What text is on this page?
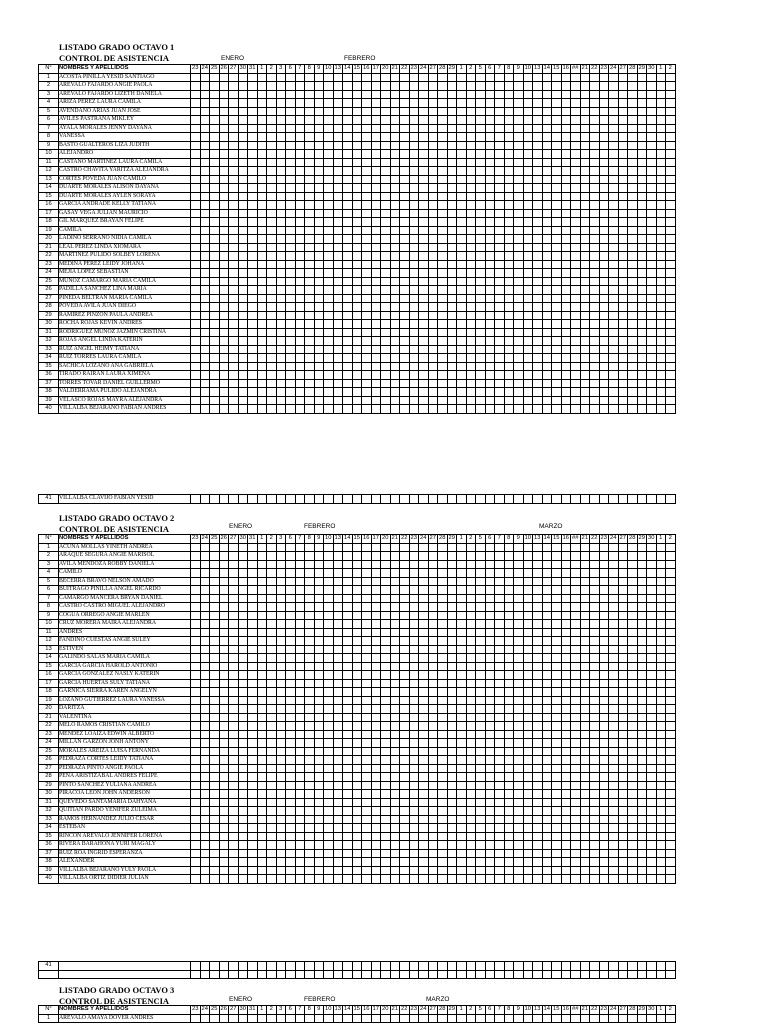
LISTADO GRADO OCTAVO 1
CONTROL DE ASISTENCIA	ENERO	FEBRERO
N°	NOMBRES Y APELLIDOS	23	24	25	26	27	30	31	1	2	3	6	7	8	9	10	13	14	15	16	17	20	21	22	23	24	27	28	29	1	2	5	6	7	8	9	10	13	14	15	16	##	21	22	23	24	27	28	29	30	1	2
1	ACOSTA PINILLA YESID SANTIAGO																																																			
2	AREVALO FAJARDO ANGIE PAOLA																																																			
3	AREVALO FAJARDO LIZETH DANIELA																																																			
4	ARIZA PEREZ LAURA CAMILA																																																			
5	AVENDANO ARIAS JUAN JOSE																																																			
6	AVILES PASTRANA MIKLEY																																																			
7	AYALA MORALES JENNY DAYANA																																																			
8	VANESSA																																																			
9	BASTO GUALTEROS LIZA JUDITH																																																			
10	ALEJANDRO																																																			
11	CASTAÑO MARTINEZ LAURA CAMILA																																																			
12	CASTRO CHAVITA YARITZA ALEJANDRA																																																			
13	CORTES POVEDA JUAN CAMILO																																																			
14	DUARTE MORALES ALISON DAYANA																																																			
15	DUARTE MORALES AYLEN SORAYA																																																			
16	GARCIA ANDRADE KELLY TATIANA																																																			
17	GASAY VEGA JULIAN MAURICIO																																																			
18	GIL MARQUEZ BRAYAN FELIPE																																																			
19	CAMILA																																																			
20	LADINO SERRANO NIDIA CAMILA																																																			
21	LEAL PEREZ LINDA XIOMARA																																																			
22	MARTINEZ PULIDO SOLBEY LORENA																																																			
23	MEDINA PEREZ LEIDY JOHANA																																																			
24	MEJIA LOPEZ SEBASTIAN																																																			
25	MUÑOZ CAMARGO MARIA CAMILA																																																			
26	PADILLA SANCHEZ LINA MARIA																																																			
27	PINEDA BELTRAN MARIA CAMILA																																																			
28	POVEDA AVILA JUAN DIEGO																																																			
29	RAMIREZ PINZON PAULA ANDREA																																																			
30	ROCHA ROJAS KEVIN ANDRES																																																			
31	RODRIGUEZ MUÑOZ JAZMIN CRISTINA																																																			
32	ROJAS ANGEL LINDA KATERIN																																																			
33	RUIZ ANGEL HEIMY TATIANA																																																			
34	RUIZ TORRES LAURA CAMILA																																																			
35	SACHICA LOZANO ANA GABRIELA																																																			
36	TIRADO RAIRAN LAURA XIMENA																																																			
37	TORRES TOVAR DANIEL GUILLERMO																																																			
38	VALDERRAMA PULIDO ALEJANDRA																																																			
39	VELASCO ROJAS MAYRA ALEJANDRA																																																			
40	VILLALBA BEJARANO FABIAN ANDRES																																																			
41	VILLALBA CLAVIJO FABIAN YESID																																																			
LISTADO GRADO OCTAVO 2
CONTROL DE ASISTENCIA	ENERO	FEBRERO	MARZO
N°	NOMBRES Y APELLIDOS	23	24	25	26	27	30	31	1	2	3	6	7	8	9	10	13	14	15	16	17	20	21	22	23	24	27	28	29	1	2	5	6	7	8	9	10	13	14	15	16	##	21	22	23	24	27	28	29	30	1	2
1	ACUÑA MOLLAS YINETH ANDREA																																																			
2	ARAQUE SEGURA ANGIE MARISOL																																																			
3	AVILA MENDOZA ROBBY DANIELA																																																			
4	CAMILO																																																			
5	BECERRA BRAVO NELSON AMADO																																																			
6	BUITRAGO PINILLA ANGEL RICARDO																																																			
7	CAMARGO MANCERA BRYAN DANIEL																																																			
8	CASTRO CASTRO MIGUEL ALEJANDRO																																																			
9	COGUA ORREGO ANGIE MARLEN																																																			
10	CRUZ MORERA MAIRA ALEJANDRA																																																			
11	ANDRES																																																			
12	FANDIÑO CUESTAS ANGIE SULEY																																																			
13	ESTIVEN																																																			
14	GALINDO SALAS MARIA CAMILA																																																			
15	GARCIA GARCIA HAROLD ANTONIO																																																			
16	GARCIA GONZALEZ NASLY KATERIN																																																			
17	GARCIA HUERTAS SULY TATIANA																																																			
18	GARNICA SIERRA KAREN ANGELYN																																																			
19	LOZANO GUTIERREZ LAURA VANESSA																																																			
20	DARITZA																																																			
21	VALENTINA																																																			
22	MELO RAMOS CRISTIAN CAMILO																																																			
23	MENDEZ LOAIZA EDWIN ALBERTO																																																			
24	MILLAN GARZON JONH ANTONY																																																			
25	MORALES AREIZA LUISA FERNANDA																																																			
26	PEDRAZA CORTES LEIDY TATIANA																																																			
27	PEDRAZA PINTO ANGIE PAOLA																																																			
28	PEÑA ARISTIZABAL ANDRES FELIPE																																																			
29	PINTO SANCHEZ YULIANA ANDREA																																																			
30	PIRACOA LEON JOHN ANDERSON																																																			
31	QUEVEDO SANTAMARIA DAHYANA																																																			
32	QUITIAN PARDO YENIFER ZULEIMA																																																			
33	RAMOS HERNANDEZ JULIO CESAR																																																			
34	ESTEBAN																																																			
35	RINCON AREVALO JENNIFER LORENA																																																			
36	RIVERA BARAHONA YURI MAGALY																																																			
37	RUIZ ROA INGRID ESPERANZA																																																			
38	ALEXANDER																																																			
39	VILLALBA BEJARANO YULY PAOLA																																																			
40	VILLALBA ORTIZ DIDIER JULIAN																																																			
41																																																				

LISTADO GRADO OCTAVO 3
CONTROL DE ASISTENCIA	ENERO	FEBRERO	MARZO
N°	NOMBRES Y APELLIDOS	23	24	25	26	27	30	31	1	2	3	6	7	8	9	10	13	14	15	16	17	20	21	22	23	24	27	28	29	1	2	5	6	7	8	9	10	13	14	15	16	##	21	22	23	24	27	28	29	30	1	2
1	AREVALO AMAYA DOVER ANDRES																																																			
